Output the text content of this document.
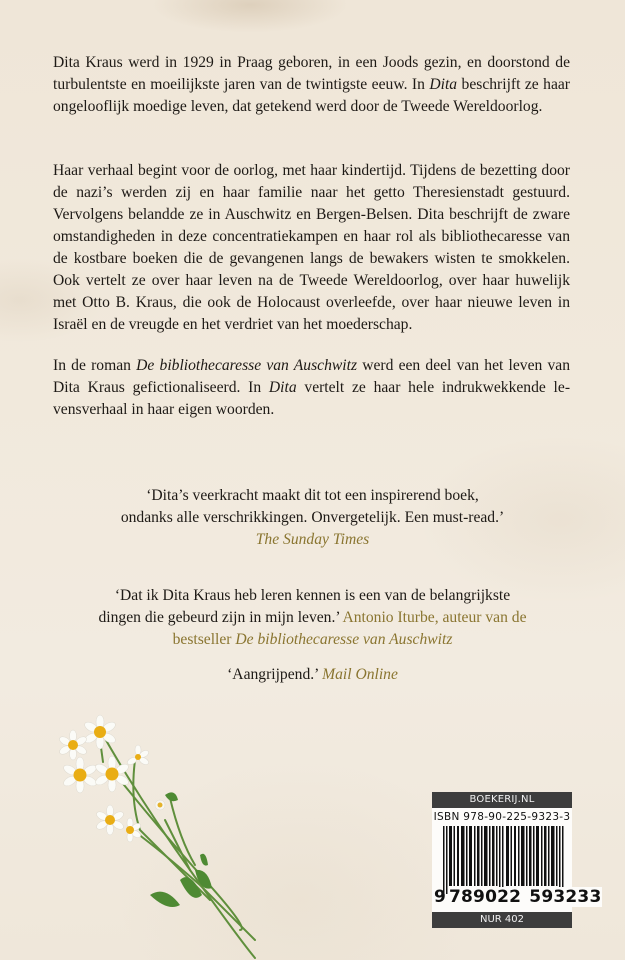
Dita Kraus werd in 1929 in Praag geboren, in een Joods gezin, en doorstond de turbulentste en moeilijkste jaren van de twintigste eeuw. In Dita beschrijft ze haar ongelooflijk moedige leven, dat getekend werd door de Tweede Wereldoorlog.

Haar verhaal begint voor de oorlog, met haar kindertijd. Tijdens de bezetting door de nazi’s werden zij en haar familie naar het getto Theresienstadt gestuurd. Vervolgens belandde ze in Auschwitz en Bergen-Belsen. Dita beschrijft de zware omstandigheden in deze concentratiekampen en haar rol als bibliothecaresse van de kostbare boeken die de gevangenen langs de bewakers wisten te smokkelen. Ook vertelt ze over haar leven na de Tweede Wereldoorlog, over haar huwelijk met Otto B. Kraus, die ook de Holocaust overleefde, over haar nieuwe leven in Israël en de vreugde en het verdriet van het moederschap.

In de roman De bibliothecaresse van Auschwitz werd een deel van het leven van Dita Kraus gefictionaliseerd. In Dita vertelt ze haar hele indrukwekkende levensverhaal in haar eigen woorden.

‘Dita’s veerkracht maakt dit tot een inspirerend boek,

ondanks alle verschrikkingen. Onvergetelijk. Een must-read.’

The Sunday Times

‘Dat ik Dita Kraus heb leren kennen is een van de belangrijkste

dingen die gebeurd zijn in mijn leven.’ Antonio Iturbe, auteur van de

bestseller De bibliothecaresse van Auschwitz

‘Aangrijpend.’ Mail Online

BOEKERIJ.NL
ISBN 978-90-225-9323-3
9 789022 593233
NUR 402
